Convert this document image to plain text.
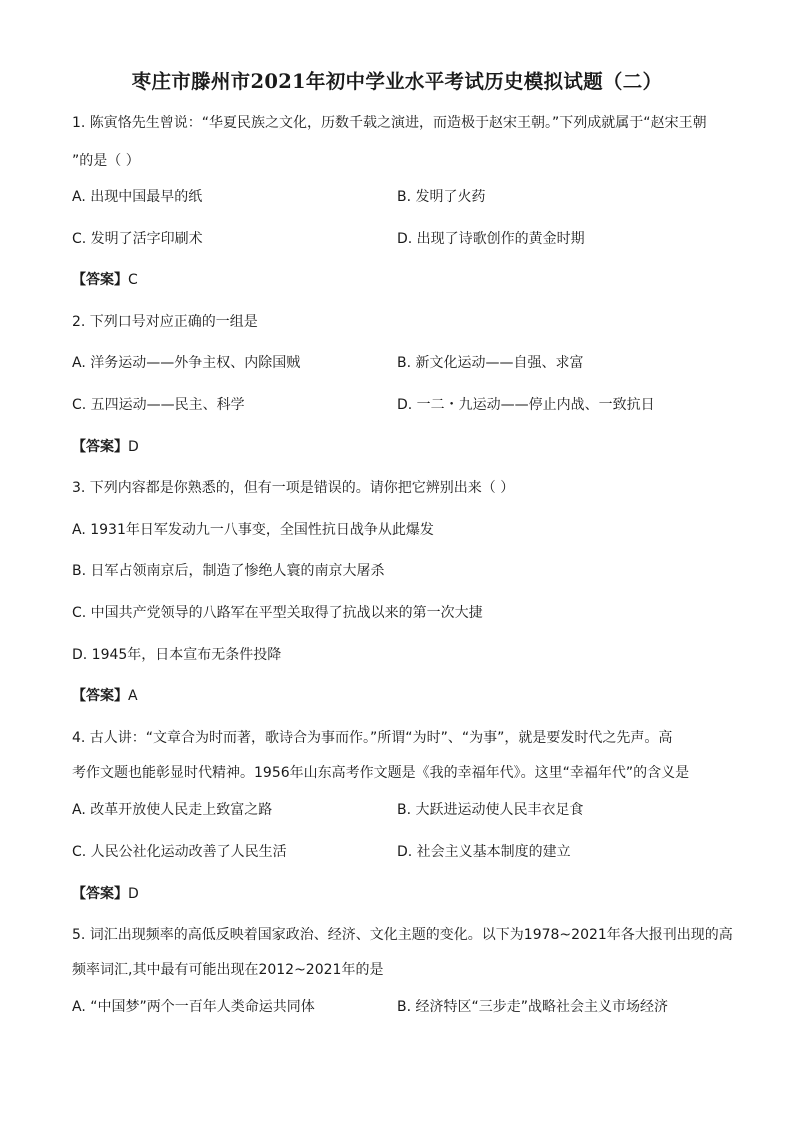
枣庄市滕州市2021年初中学业水平考试历史模拟试题（二）
1. 陈寅恪先生曾说：“华夏民族之文化，历数千载之演进，而造极于赵宋王朝。”下列成就属于“赵宋王朝
”的是（ ）
A. 出现中国最早的纸	B. 发明了火药
C. 发明了活字印刷术	D. 出现了诗歌创作的黄金时期
【答案】C
2. 下列口号对应正确的一组是
A. 洋务运动——外争主权、内除国贼	B. 新文化运动——自强、求富
C. 五四运动——民主、科学	D. 一二・九运动——停止内战、一致抗日
【答案】D
3. 下列内容都是你熟悉的，但有一项是错误的。请你把它辨别出来（ ）
A. 1931年日军发动九一八事变，全国性抗日战争从此爆发
B. 日军占领南京后，制造了惨绝人寰的南京大屠杀
C. 中国共产党领导的八路军在平型关取得了抗战以来的第一次大捷
D. 1945年，日本宣布无条件投降
【答案】A
4. 古人讲：“文章合为时而著，歌诗合为事而作。”所谓“为时”、“为事”，就是要发时代之先声。高
考作文题也能彰显时代精神。1956年山东高考作文题是《我的幸福年代》。这里“幸福年代”的含义是
A. 改革开放使人民走上致富之路	B. 大跃进运动使人民丰衣足食
C. 人民公社化运动改善了人民生活	D. 社会主义基本制度的建立
【答案】D
5. 词汇出现频率的高低反映着国家政治、经济、文化主题的变化。以下为1978~2021年各大报刊出现的高
频率词汇,其中最有可能出现在2012~2021年的是
A. “中国梦”两个一百年人类命运共同体	B. 经济特区“三步走”战略社会主义市场经济
